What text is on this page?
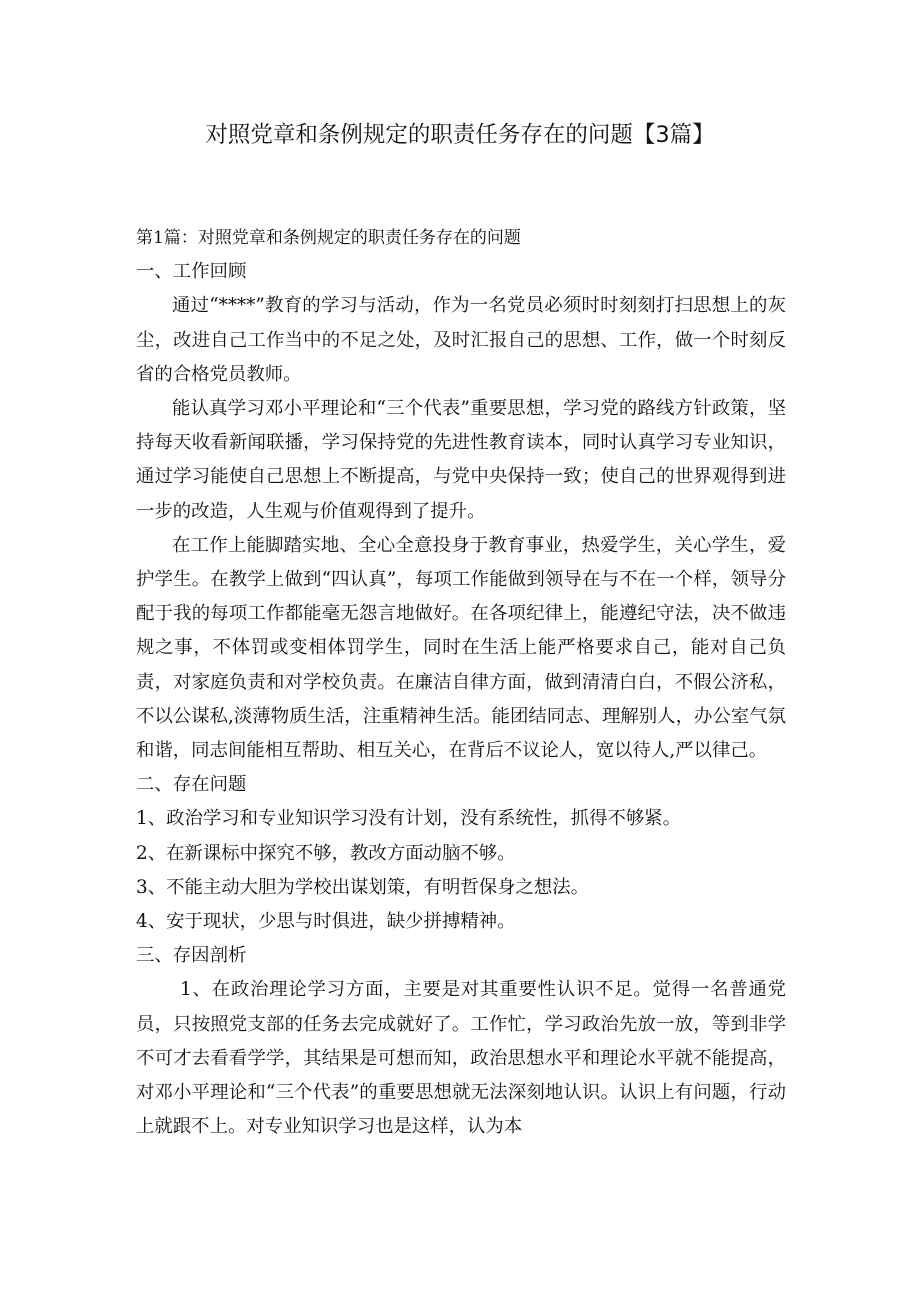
对照党章和条例规定的职责任务存在的问题【3篇】

第1篇：对照党章和条例规定的职责任务存在的问题

一、工作回顾

通过“****”教育的学习与活动，作为一名党员必须时时刻刻打扫思想上的灰尘，改进自己工作当中的不足之处，及时汇报自己的思想、工作，做一个时刻反省的合格党员教师。

能认真学习邓小平理论和“三个代表”重要思想，学习党的路线方针政策，坚持每天收看新闻联播，学习保持党的先进性教育读本，同时认真学习专业知识，通过学习能使自己思想上不断提高，与党中央保持一致；使自己的世界观得到进一步的改造，人生观与价值观得到了提升。

在工作上能脚踏实地、全心全意投身于教育事业，热爱学生，关心学生，爱护学生。在教学上做到“四认真”，每项工作能做到领导在与不在一个样，领导分配于我的每项工作都能毫无怨言地做好。在各项纪律上，能遵纪守法，决不做违规之事，不体罚或变相体罚学生，同时在生活上能严格要求自己，能对自己负责，对家庭负责和对学校负责。在廉洁自律方面，做到清清白白，不假公济私，不以公谋私,淡薄物质生活，注重精神生活。能团结同志、理解别人，办公室气氛和谐，同志间能相互帮助、相互关心，在背后不议论人，宽以待人,严以律己。

二、存在问题

1、政治学习和专业知识学习没有计划，没有系统性，抓得不够紧。

2、在新课标中探究不够，教改方面动脑不够。

3、不能主动大胆为学校出谋划策，有明哲保身之想法。

4、安于现状，少思与时俱进，缺少拼搏精神。

三、存因剖析

1、在政治理论学习方面，主要是对其重要性认识不足。觉得一名普通党员，只按照党支部的任务去完成就好了。工作忙，学习政治先放一放，等到非学不可才去看看学学，其结果是可想而知，政治思想水平和理论水平就不能提高，对邓小平理论和“三个代表”的重要思想就无法深刻地认识。认识上有问题，行动上就跟不上。对专业知识学习也是这样，认为本
